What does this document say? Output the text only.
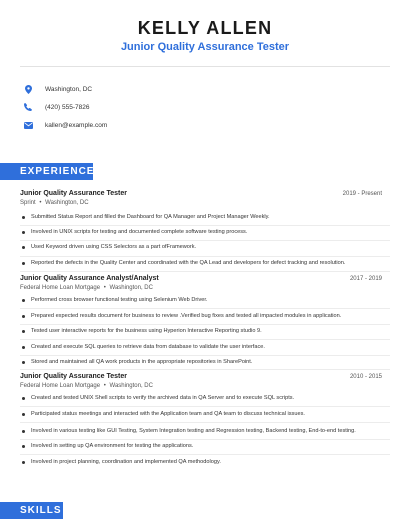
KELLY ALLEN
Junior Quality Assurance Tester
Washington, DC
(420) 555-7826
kallen@example.com
EXPERIENCE
Junior Quality Assurance Tester	2019 - Present
Sprint • Washington, DC
Submitted Status Report and filled the Dashboard for QA Manager and Project Manager Weekly.
Involved in UNIX scripts for testing and documented complete software testing process.
Used Keyword driven using CSS Selectors as a part ofFramework.
Reported the defects in the Quality Center and coordinated with the QA Lead and developers for defect tracking and resolution.
Junior Quality Assurance Analyst/Analyst	2017 - 2019
Federal Home Loan Mortgage • Washington, DC
Performed cross browser functional testing using Selenium Web Driver.
Prepared expected results document for business to review .Verified bug fixes and tested all impacted modules in application.
Tested user interactive reports for the business using Hyperion Interactive Reporting studio 9.
Created and execute SQL queries to retrieve data from database to validate the user interface.
Stored and maintained all QA work products in the appropriate repositories in SharePoint.
Junior Quality Assurance Tester	2010 - 2015
Federal Home Loan Mortgage • Washington, DC
Created and tested UNIX Shell scripts to verify the archived data in QA Server and to execute SQL scripts.
Participated status meetings and interacted with the Application team and QA team to discuss technical issues.
Involved in various testing like GUI Testing, System Integration testing and Regression testing, Backend testing, End-to-end testing.
Involved in setting up QA environment for testing the applications.
Involved in project planning, coordination and implemented QA methodology.
SKILLS
